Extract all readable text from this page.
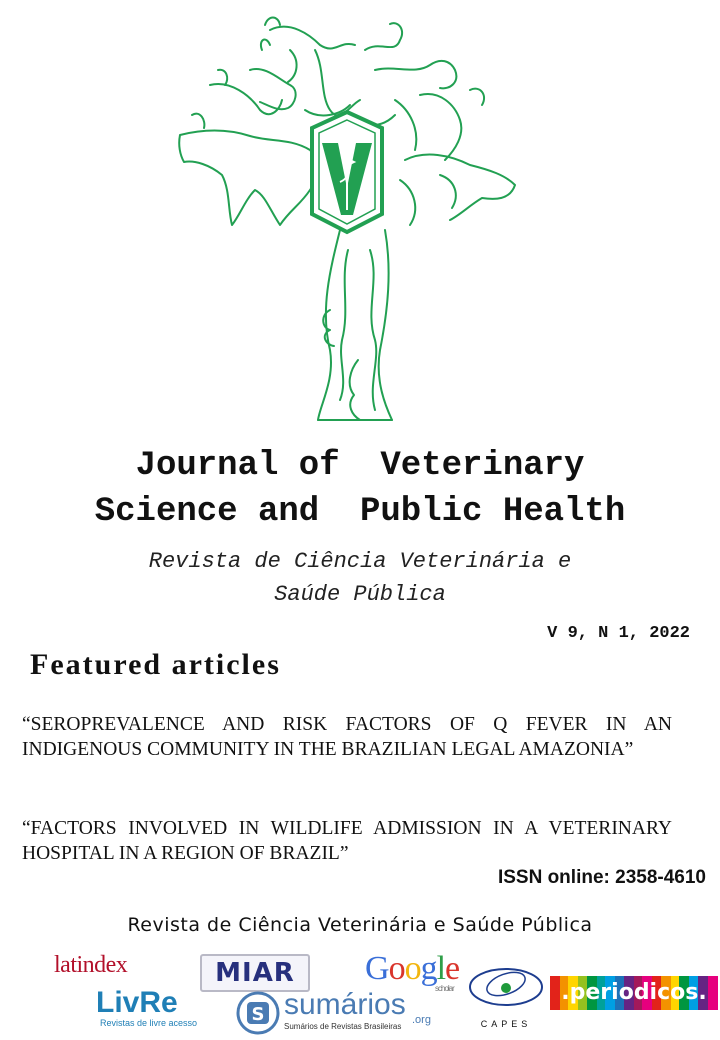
Journal of  Veterinary
Science and  Public Health
Revista de Ciência Veterinária e
Saúde Pública
V 9, N 1, 2022
Featured articles
“SEROPREVALENCE AND RISK FACTORS OF Q FEVER IN AN INDIGENOUS COMMUNITY IN THE BRAZILIAN LEGAL AMAZONIA”
“FACTORS INVOLVED IN WILDLIFE ADMISSION IN A VETERINARY HOSPITAL IN A REGION OF BRAZIL”
ISSN online: 2358-4610
Revista de Ciência Veterinária e Saúde Pública
latindex	MIAR	Google
scholar
CAPES
.periodicos.
LivRe
Revistas de livre acesso	S sumários .org
Sumários de Revistas Brasileiras
